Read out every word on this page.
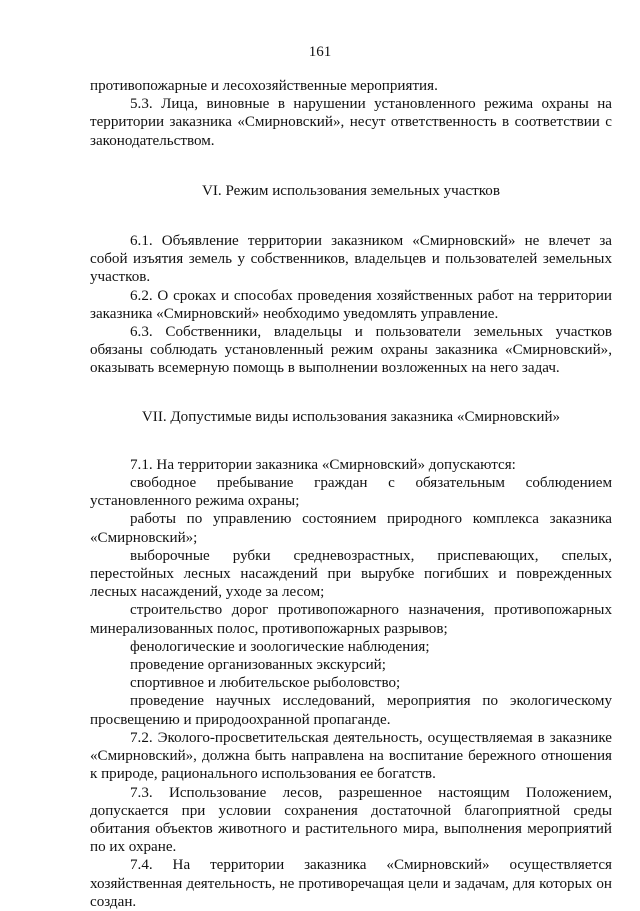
161

противопожарные и лесохозяйственные мероприятия.

5.3. Лица, виновные в нарушении установленного режима охраны на территории заказника «Смирновский», несут ответственность в соответствии с законодательством.

VI. Режим использования земельных участков

6.1. Объявление территории заказником «Смирновский» не влечет за собой изъятия земель у собственников, владельцев и пользователей земельных участков.

6.2. О сроках и способах проведения хозяйственных работ на территории заказника «Смирновский» необходимо уведомлять управление.

6.3. Собственники, владельцы и пользователи земельных участков обязаны соблюдать установленный режим охраны заказника «Смирновский», оказывать всемерную помощь в выполнении возложенных на него задач.

VII. Допустимые виды использования заказника «Смирновский»

7.1. На территории заказника «Смирновский» допускаются:

свободное пребывание граждан с обязательным соблюдением установленного режима охраны;

работы по управлению состоянием природного комплекса заказника «Смирновский»;

выборочные рубки средневозрастных, приспевающих, спелых, перестойных лесных насаждений при вырубке погибших и поврежденных лесных насаждений, уходе за лесом;

строительство дорог противопожарного назначения, противопожарных минерализованных полос, противопожарных разрывов;

фенологические и зоологические наблюдения;

проведение организованных экскурсий;

спортивное и любительское рыболовство;

проведение научных исследований, мероприятия по экологическому просвещению и природоохранной пропаганде.

7.2. Эколого-просветительская деятельность, осуществляемая в заказнике «Смирновский», должна быть направлена на воспитание бережного отношения к природе, рационального использования ее богатств.

7.3. Использование лесов, разрешенное настоящим Положением, допускается при условии сохранения достаточной благоприятной среды обитания объектов животного и растительного мира, выполнения мероприятий по их охране.

7.4. На территории заказника «Смирновский» осуществляется хозяйственная деятельность, не противоречащая цели и задачам, для которых он создан.
